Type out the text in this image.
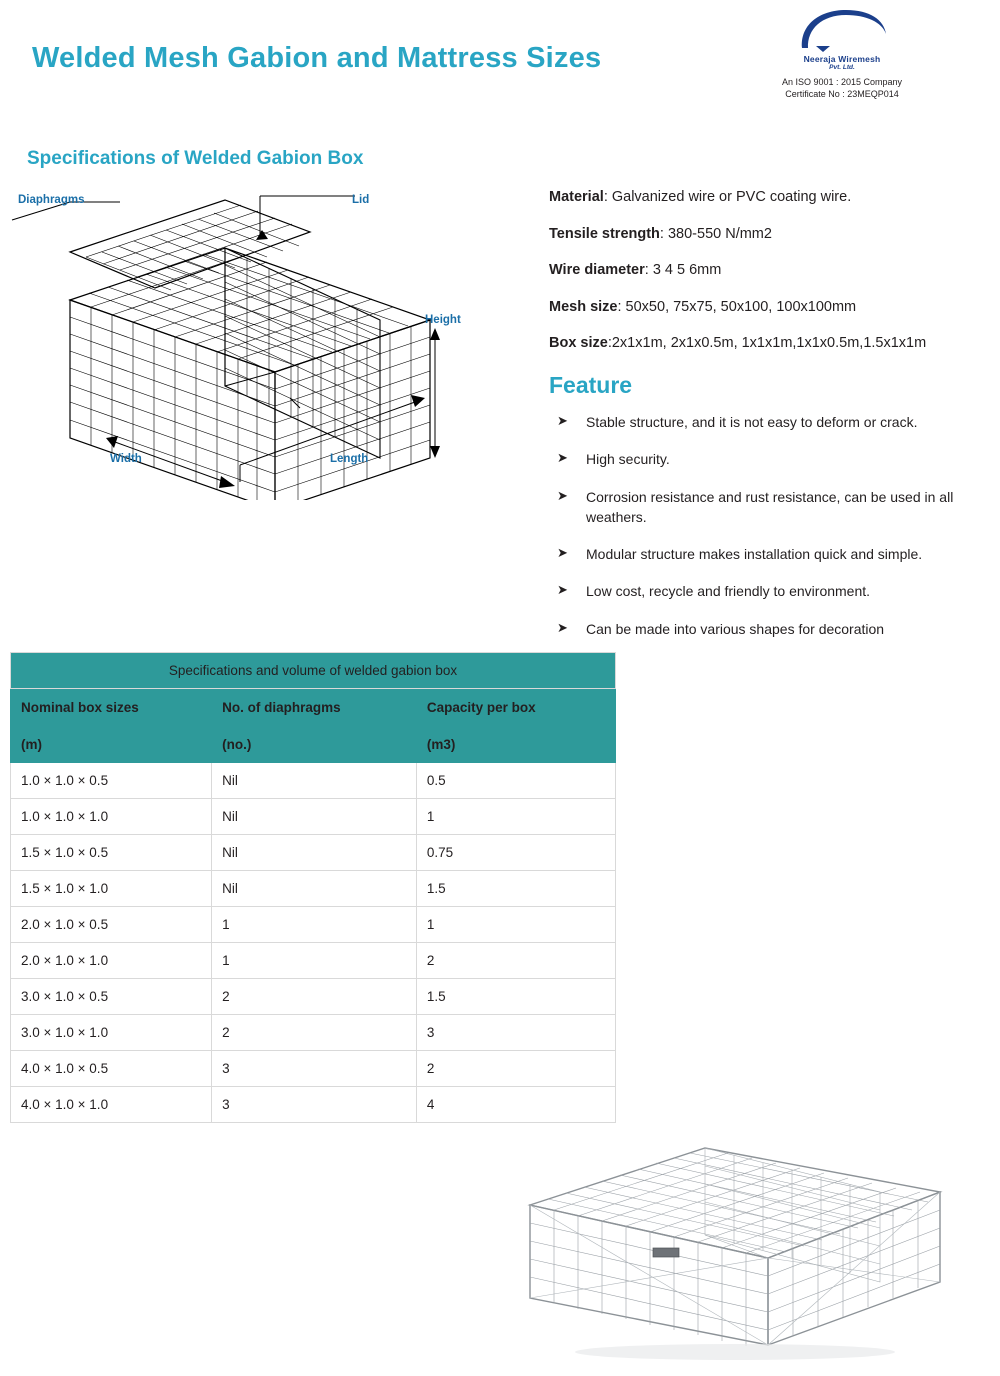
Welded Mesh Gabion and Mattress Sizes	Neeraja Wiremesh
Pvt. Ltd.
An ISO 9001 : 2015 Company
Certificate No : 23MEQP014
Specifications of Welded Gabion Box
Diaphragms	Lid
Height
Width	Length
Material: Galvanized wire or PVC coating wire.
Tensile strength: 380-550 N/mm2
Wire diameter: 3 4 5 6mm
Mesh size: 50x50, 75x75, 50x100, 100x100mm
Box size:2x1x1m, 2x1x0.5m, 1x1x1m,1x1x0.5m,1.5x1x1m
Feature
➤ Stable structure, and it is not easy to deform or crack.
➤ High security.
➤ Corrosion resistance and rust resistance, can be used in all weathers.
➤ Modular structure makes installation quick and simple.
➤ Low cost, recycle and friendly to environment.
➤ Can be made into various shapes for decoration
Specifications and volume of welded gabion box		
Nominal box sizes	No. of diaphragms	Capacity per box
(m)	(no.)	(m3)
1.0 × 1.0 × 0.5	Nil	0.5
1.0 × 1.0 × 1.0	Nil	1
1.5 × 1.0 × 0.5	Nil	0.75
1.5 × 1.0 × 1.0	Nil	1.5
2.0 × 1.0 × 0.5	1	1
2.0 × 1.0 × 1.0	1	2
3.0 × 1.0 × 0.5	2	1.5
3.0 × 1.0 × 1.0	2	3
4.0 × 1.0 × 0.5	3	2
4.0 × 1.0 × 1.0	3	4
